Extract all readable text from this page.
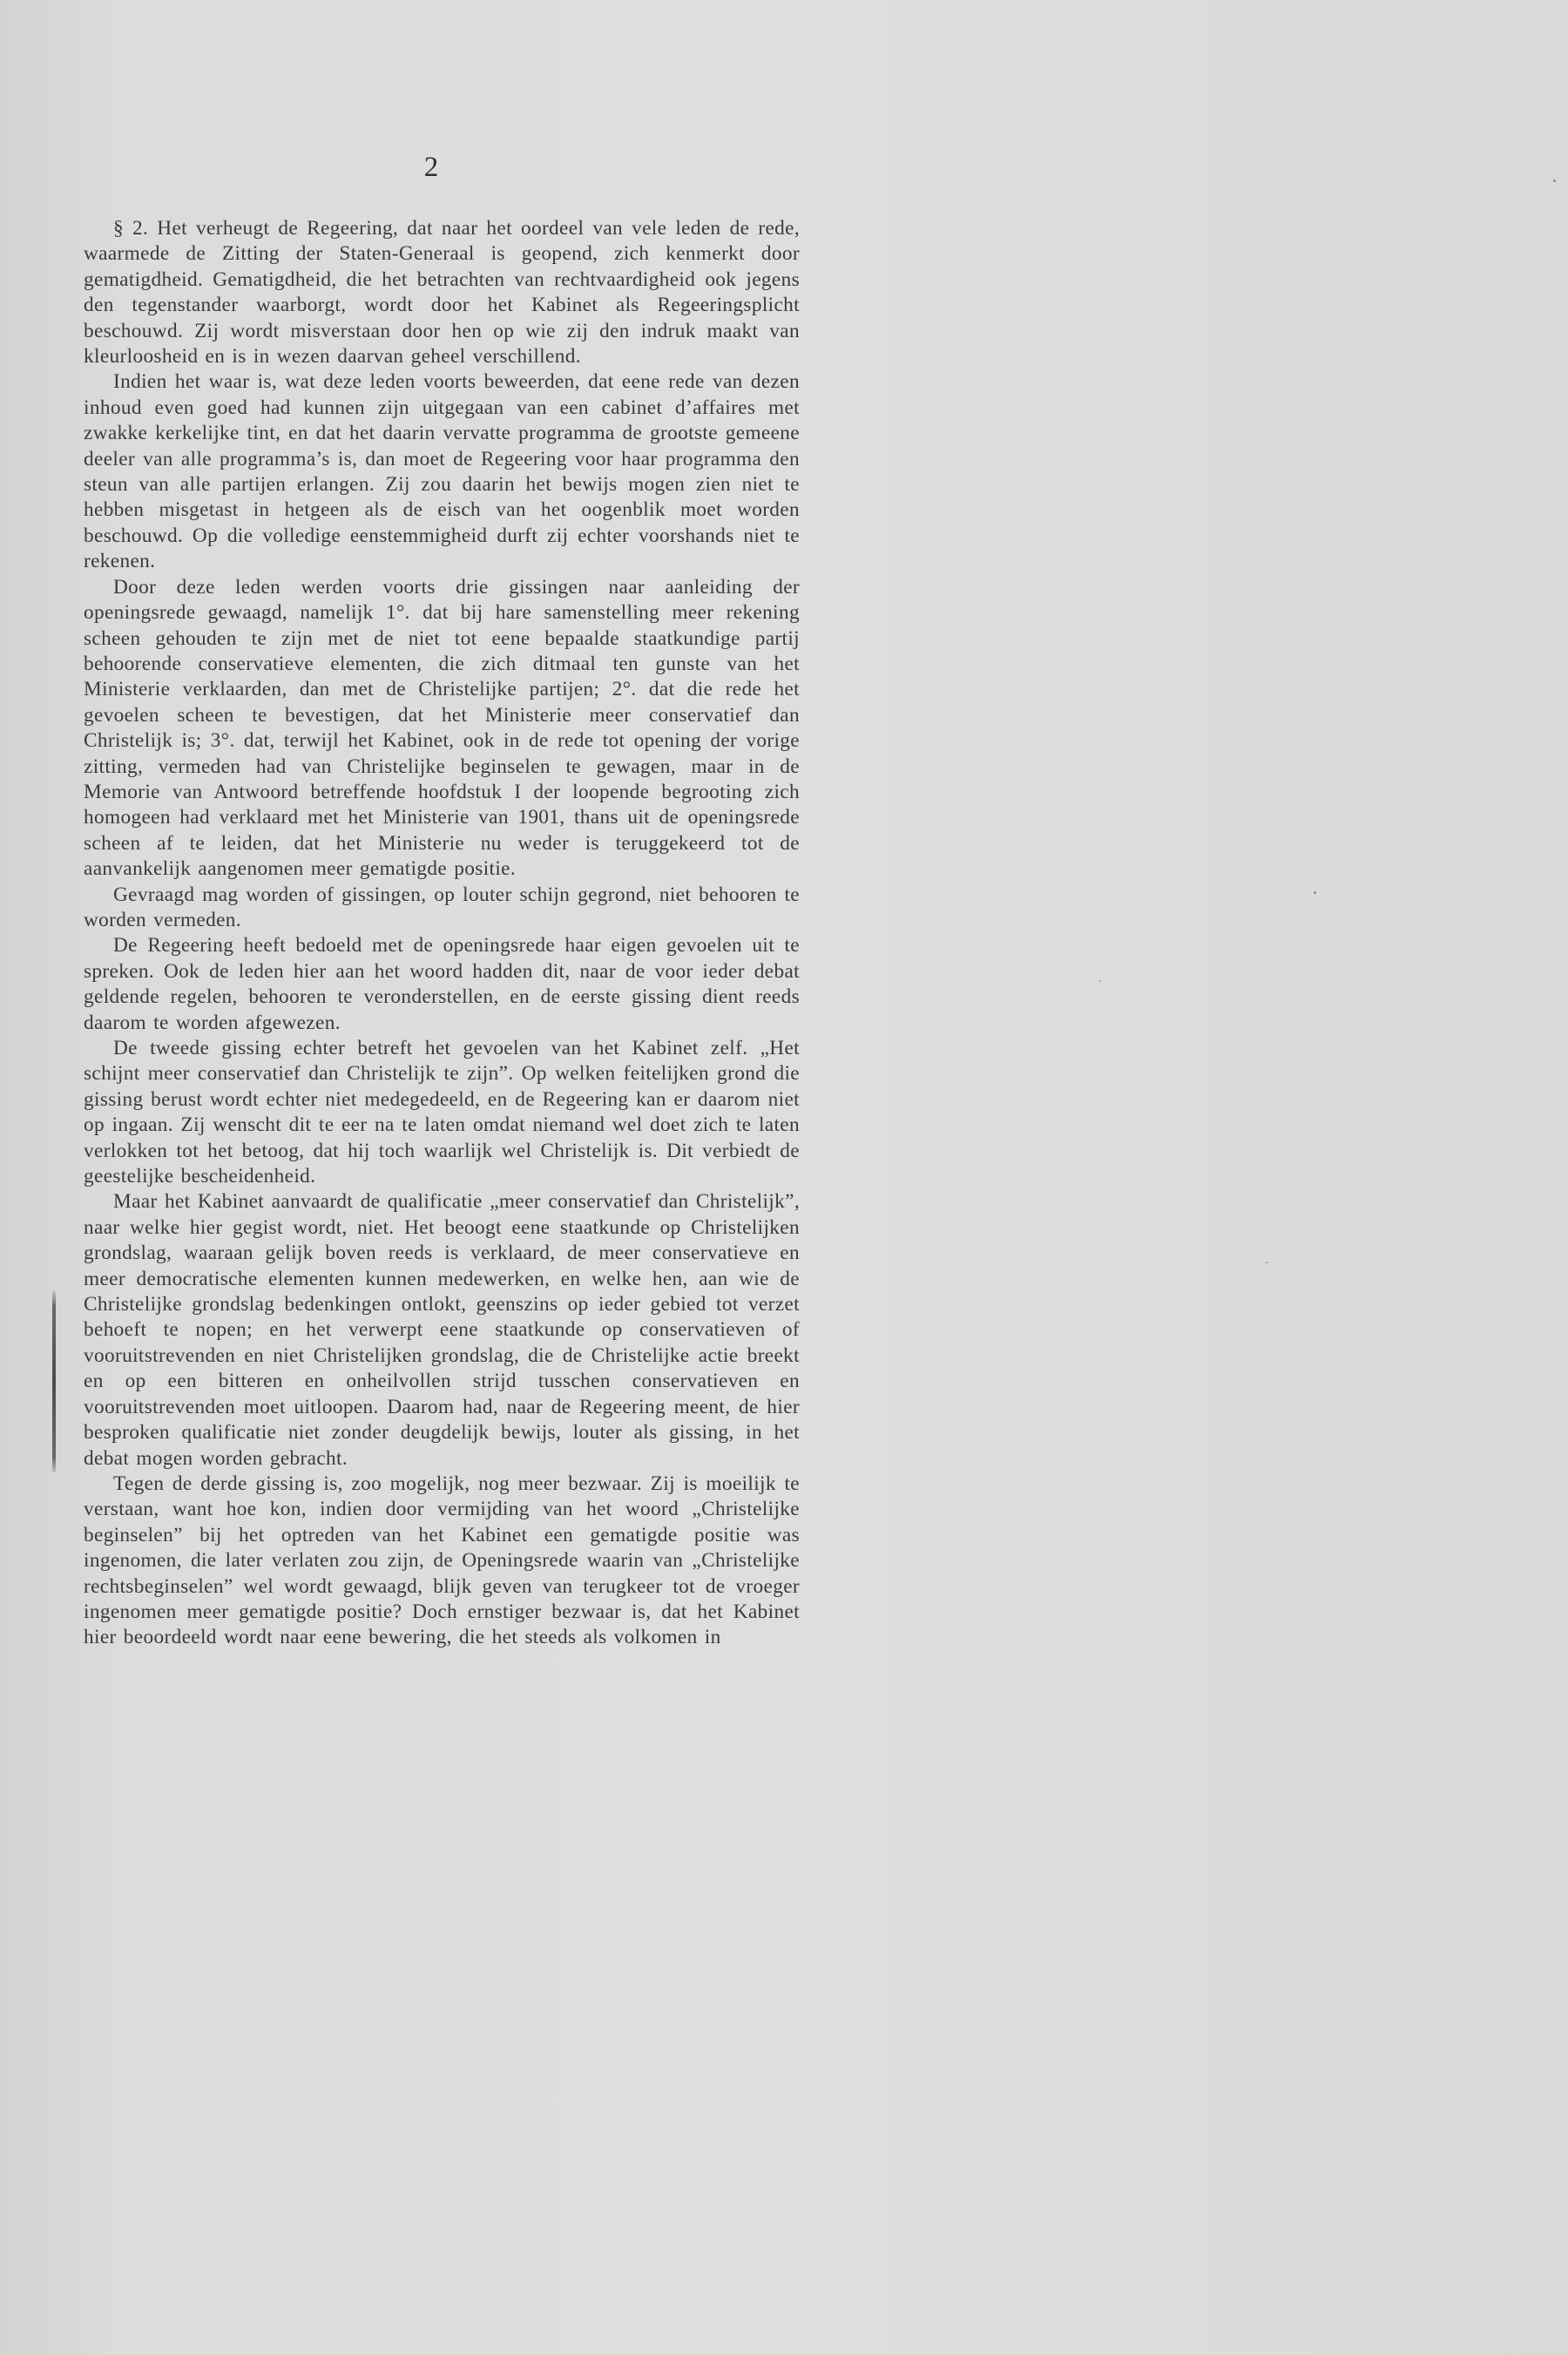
2

§ 2. Het verheugt de Regeering, dat naar het oordeel van vele leden de rede, waarmede de Zitting der Staten-Generaal is geopend, zich kenmerkt door gematigdheid. Gematigdheid, die het betrachten van rechtvaardigheid ook jegens den tegenstander waarborgt, wordt door het Kabinet als Regeeringsplicht beschouwd. Zij wordt misverstaan door hen op wie zij den indruk maakt van kleurloosheid en is in wezen daarvan geheel verschillend.

Indien het waar is, wat deze leden voorts beweerden, dat eene rede van dezen inhoud even goed had kunnen zijn uitgegaan van een cabinet d’affaires met zwakke kerkelijke tint, en dat het daarin vervatte programma de grootste gemeene deeler van alle programma’s is, dan moet de Regeering voor haar programma den steun van alle partijen erlangen. Zij zou daarin het bewijs mogen zien niet te hebben misgetast in hetgeen als de eisch van het oogenblik moet worden beschouwd. Op die volledige eenstemmigheid durft zij echter voorshands niet te rekenen.

Door deze leden werden voorts drie gissingen naar aanleiding der openingsrede gewaagd, namelijk 1°. dat bij hare samenstelling meer rekening scheen gehouden te zijn met de niet tot eene bepaalde staatkundige partij behoorende conservatieve elementen, die zich ditmaal ten gunste van het Ministerie verklaarden, dan met de Christelijke partijen; 2°. dat die rede het gevoelen scheen te bevestigen, dat het Ministerie meer conservatief dan Christelijk is; 3°. dat, terwijl het Kabinet, ook in de rede tot opening der vorige zitting, vermeden had van Christelijke beginselen te gewagen, maar in de Memorie van Antwoord betreffende hoofdstuk I der loopende begrooting zich homogeen had verklaard met het Ministerie van 1901, thans uit de openingsrede scheen af te leiden, dat het Ministerie nu weder is teruggekeerd tot de aanvankelijk aangenomen meer gematigde positie.

Gevraagd mag worden of gissingen, op louter schijn gegrond, niet behooren te worden vermeden.

De Regeering heeft bedoeld met de openingsrede haar eigen gevoelen uit te spreken. Ook de leden hier aan het woord hadden dit, naar de voor ieder debat geldende regelen, behooren te veronderstellen, en de eerste gissing dient reeds daarom te worden afgewezen.

De tweede gissing echter betreft het gevoelen van het Kabinet zelf. „Het schijnt meer conservatief dan Christelijk te zijn”. Op welken feitelijken grond die gissing berust wordt echter niet medegedeeld, en de Regeering kan er daarom niet op ingaan. Zij wenscht dit te eer na te laten omdat niemand wel doet zich te laten verlokken tot het betoog, dat hij toch waarlijk wel Christelijk is. Dit verbiedt de geestelijke bescheidenheid.

Maar het Kabinet aanvaardt de qualificatie „meer conservatief dan Christelijk”, naar welke hier gegist wordt, niet. Het beoogt eene staatkunde op Christelijken grondslag, waaraan gelijk boven reeds is verklaard, de meer conservatieve en meer democratische elementen kunnen medewerken, en welke hen, aan wie de Christelijke grondslag bedenkingen ontlokt, geenszins op ieder gebied tot verzet behoeft te nopen; en het verwerpt eene staatkunde op conservatieven of vooruitstrevenden en niet Christelijken grondslag, die de Christelijke actie breekt en op een bitteren en onheilvollen strijd tusschen conservatieven en vooruitstrevenden moet uitloopen. Daarom had, naar de Regeering meent, de hier besproken qualificatie niet zonder deugdelijk bewijs, louter als gissing, in het debat mogen worden gebracht.

Tegen de derde gissing is, zoo mogelijk, nog meer bezwaar. Zij is moeilijk te verstaan, want hoe kon, indien door vermijding van het woord „Christelijke beginselen” bij het optreden van het Kabinet een gematigde positie was ingenomen, die later verlaten zou zijn, de Openingsrede waarin van „Christelijke rechtsbeginselen” wel wordt gewaagd, blijk geven van terugkeer tot de vroeger ingenomen meer gematigde positie? Doch ernstiger bezwaar is, dat het Kabinet hier beoordeeld wordt naar eene bewering, die het steeds als volkomen in
